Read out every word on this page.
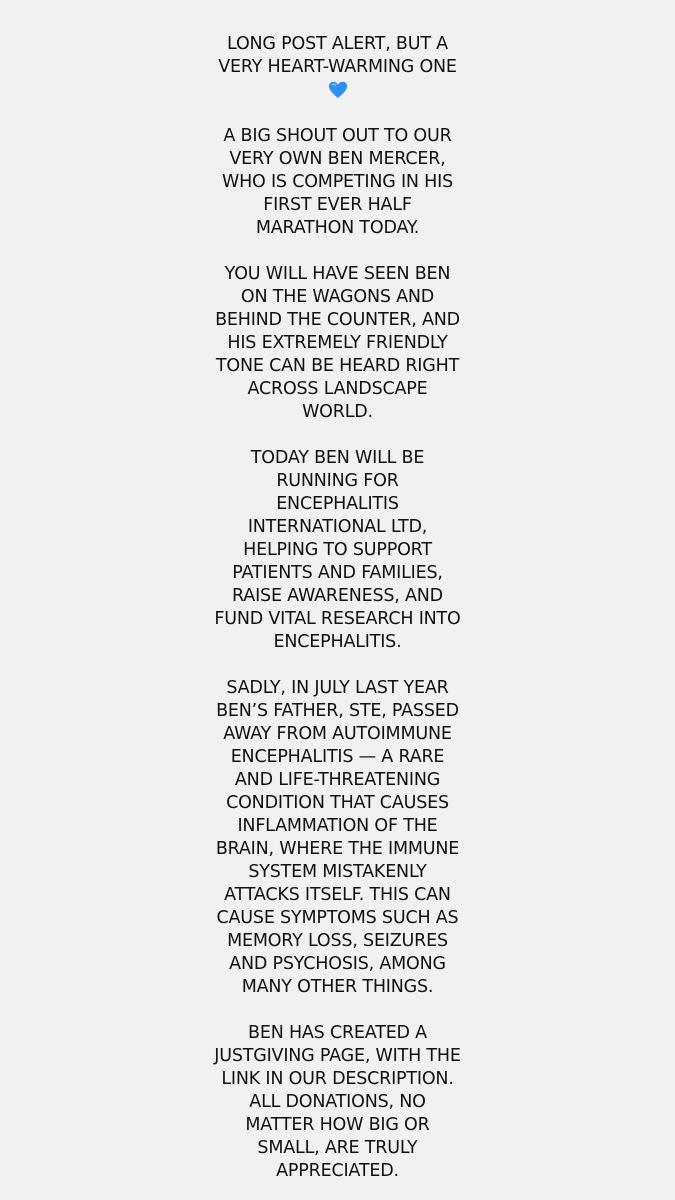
LONG POST ALERT, BUT A
VERY HEART-WARMING ONE

A BIG SHOUT OUT TO OUR
VERY OWN BEN MERCER,
WHO IS COMPETING IN HIS
FIRST EVER HALF
MARATHON TODAY.

YOU WILL HAVE SEEN BEN
ON THE WAGONS AND
BEHIND THE COUNTER, AND
HIS EXTREMELY FRIENDLY
TONE CAN BE HEARD RIGHT
ACROSS LANDSCAPE
WORLD.

TODAY BEN WILL BE
RUNNING FOR
ENCEPHALITIS
INTERNATIONAL LTD,
HELPING TO SUPPORT
PATIENTS AND FAMILIES,
RAISE AWARENESS, AND
FUND VITAL RESEARCH INTO
ENCEPHALITIS.

SADLY, IN JULY LAST YEAR
BEN’S FATHER, STE, PASSED
AWAY FROM AUTOIMMUNE
ENCEPHALITIS — A RARE
AND LIFE-THREATENING
CONDITION THAT CAUSES
INFLAMMATION OF THE
BRAIN, WHERE THE IMMUNE
SYSTEM MISTAKENLY
ATTACKS ITSELF. THIS CAN
CAUSE SYMPTOMS SUCH AS
MEMORY LOSS, SEIZURES
AND PSYCHOSIS, AMONG
MANY OTHER THINGS.

BEN HAS CREATED A
JUSTGIVING PAGE, WITH THE
LINK IN OUR DESCRIPTION.
ALL DONATIONS, NO
MATTER HOW BIG OR
SMALL, ARE TRULY
APPRECIATED.
